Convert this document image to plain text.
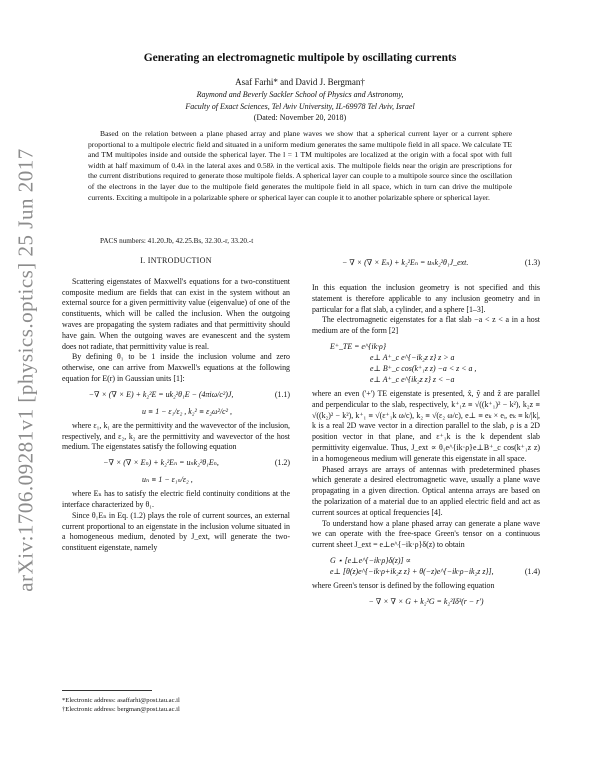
arXiv:1706.09281v1 [physics.optics] 25 Jun 2017
Generating an electromagnetic multipole by oscillating currents
Asaf Farhi* and David J. Bergman†
Raymond and Beverly Sackler School of Physics and Astronomy,
Faculty of Exact Sciences, Tel Aviv University, IL-69978 Tel Aviv, Israel
(Dated: November 20, 2018)

Based on the relation between a plane phased array and plane waves we show that a spherical current layer or a current sphere proportional to a multipole electric field and situated in a uniform medium generates the same multipole field in all space. We calculate TE and TM multipoles inside and outside the spherical layer. The l = 1 TM multipoles are localized at the origin with a focal spot with full width at half maximum of 0.4λ in the lateral axes and 0.58λ in the vertical axis. The multipole fields near the origin are prescriptions for the current distributions required to generate those multipole fields. A spherical layer can couple to a multipole source since the oscillation of the electrons in the layer due to the multipole field generates the multipole field in all space, which in turn can drive the multipole currents. Exciting a multipole in a polarizable sphere or spherical layer can couple it to another polarizable sphere or spherical layer.

PACS numbers: 41.20.Jb, 42.25.Bs, 32.30.-r, 33.20.-t
I. INTRODUCTION

Scattering eigenstates of Maxwell's equations for a two-constituent composite medium are fields that can exist in the system without an external source for a given permittivity value (eigenvalue) of one of the constituents, which will be called the inclusion. When the outgoing waves are propagating the system radiates and that permittivity should have gain. When the outgoing waves are evanescent and the system does not radiate, that permittivity value is real.

By defining θ₁ to be 1 inside the inclusion volume and zero otherwise, one can arrive from Maxwell's equations at the following equation for E(r) in Gaussian units [1]:

−∇ × (∇ × E) + k₂²E = uk₂²θ₁E − (4πiω/c²)J,	(1.1)
u ≡ 1 − ε₁/ε₂ , k₂² ≡ ε₂ω²/c² ,

where ε₁, k₁ are the permittivity and the wavevector of the inclusion, respectively, and ε₂, k₂ are the permittivity and wavevector of the host medium. The eigenstates satisfy the following equation

−∇ × (∇ × Eₙ) + k₂²Eₙ = uₙk₂²θ₁Eₙ,	(1.2)
uₙ ≡ 1 − ε₁ₙ/ε₂ ,

where Eₙ has to satisfy the electric field continuity conditions at the interface characterized by θ₁.

Since θ₁Eₙ in Eq. (1.2) plays the role of current sources, an external current proportional to an eigenstate in the inclusion volume situated in a homogeneous medium, denoted by J_ext, will generate the two-constituent eigenstate, namely

− ∇ × (∇ × Eₙ) + k₂²Eₙ = uₙk₂²θ₁J_ext.	(1.3)

In this equation the inclusion geometry is not specified and this statement is therefore applicable to any inclusion geometry and in particular for a flat slab, a cylinder, and a sphere [1–3].

The electromagnetic eigenstates for a flat slab −a < z < a in a host medium are of the form [2]

E⁺_TE = e^{ik·ρ}
e⊥ A⁺_c e^{−ik₂z z} z > a
e⊥ B⁺_c cos(k⁺₁z z) −a < z < a ,
e⊥ A⁺_c e^{ik₂z z} z < −a

where an even ('+') TE eigenstate is presented, x̂, ŷ and ẑ are parallel and perpendicular to the slab, respectively, k⁺₁z ≡ √((k⁺₁)² − k²), k₂z ≡ √((k₂)² − k²), k⁺₁ ≡ √(ε⁺₁k ω/c), k₂ ≡ √(ε₂ ω/c), e⊥ ≡ eₖ × eᵢ, eₖ ≡ k/|k|, k is a real 2D wave vector in a direction parallel to the slab, ρ is a 2D position vector in that plane, and ε⁺₁k is the k dependent slab permittivity eigenvalue. Thus, J_ext ∝ θ₁e^{ik·ρ}e⊥B⁺_c cos(k⁺₁z z) in a homogeneous medium will generate this eigenstate in all space.

Phased arrays are arrays of antennas with predetermined phases which generate a desired electromagnetic wave, usually a plane wave propagating in a given direction. Optical antenna arrays are based on the polarization of a material due to an applied electric field and act as current sources at optical frequencies [4].

To understand how a plane phased array can generate a plane wave we can operate with the free-space Green's tensor on a continuous current sheet J_ext = e⊥e^{−ik·ρ}δ(z) to obtain

G ⋆ [e⊥e^{−ik·ρ}δ(z)] ∝
e⊥ [θ(z)e^{−ik·ρ+ik₂z z} + θ(−z)e^{−ik·ρ−ik₂z z}],	(1.4)

where Green's tensor is defined by the following equation

− ∇ × ∇ × G + k₂²G = k₂²Iδ³(r − r′)
*Electronic address: asaffarhi@post.tau.ac.il
†Electronic address: bergman@post.tau.ac.il
